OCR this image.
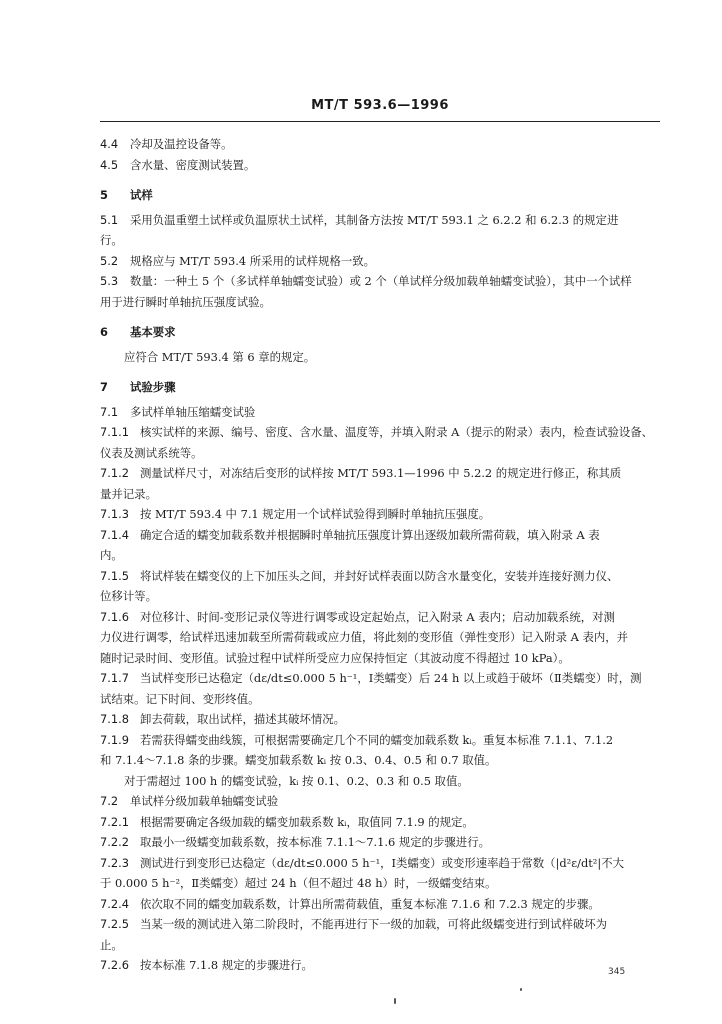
MT/T 593.6—1996
4.4 冷却及温控设备等。
4.5 含水量、密度测试装置。
5 试样
5.1 采用负温重塑土试样或负温原状土试样，其制备方法按 MT/T 593.1 之 6.2.2 和 6.2.3 的规定进
行。
5.2 规格应与 MT/T 593.4 所采用的试样规格一致。
5.3 数量：一种土 5 个（多试样单轴蠕变试验）或 2 个（单试样分级加载单轴蠕变试验），其中一个试样
用于进行瞬时单轴抗压强度试验。
6 基本要求
应符合 MT/T 593.4 第 6 章的规定。
7 试验步骤
7.1 多试样单轴压缩蠕变试验
7.1.1 核实试样的来源、编号、密度、含水量、温度等，并填入附录 A（提示的附录）表内，检查试验设备、
仪表及测试系统等。
7.1.2 测量试样尺寸，对冻结后变形的试样按 MT/T 593.1—1996 中 5.2.2 的规定进行修正，称其质
量并记录。
7.1.3 按 MT/T 593.4 中 7.1 规定用一个试样试验得到瞬时单轴抗压强度。
7.1.4 确定合适的蠕变加载系数并根据瞬时单轴抗压强度计算出逐级加载所需荷载，填入附录 A 表
内。
7.1.5 将试样装在蠕变仪的上下加压头之间，并封好试样表面以防含水量变化，安装并连接好测力仪、
位移计等。
7.1.6 对位移计、时间-变形记录仪等进行调零或设定起始点，记入附录 A 表内；启动加载系统，对测
力仪进行调零，给试样迅速加载至所需荷载或应力值，将此刻的变形值（弹性变形）记入附录 A 表内，并
随时记录时间、变形值。试验过程中试样所受应力应保持恒定（其波动度不得超过 10 kPa）。
7.1.7 当试样变形已达稳定（dε/dt≤0.000 5 h⁻¹，Ⅰ类蠕变）后 24 h 以上或趋于破坏（Ⅱ类蠕变）时，测
试结束。记下时间、变形终值。
7.1.8 卸去荷载，取出试样，描述其破坏情况。
7.1.9 若需获得蠕变曲线簇，可根据需要确定几个不同的蠕变加载系数 kᵢ。重复本标准 7.1.1、7.1.2
和 7.1.4～7.1.8 条的步骤。蠕变加载系数 kᵢ 按 0.3、0.4、0.5 和 0.7 取值。
对于需超过 100 h 的蠕变试验，kᵢ 按 0.1、0.2、0.3 和 0.5 取值。
7.2 单试样分级加载单轴蠕变试验
7.2.1 根据需要确定各级加载的蠕变加载系数 kᵢ，取值同 7.1.9 的规定。
7.2.2 取最小一级蠕变加载系数，按本标准 7.1.1～7.1.6 规定的步骤进行。
7.2.3 测试进行到变形已达稳定（dε/dt≤0.000 5 h⁻¹，Ⅰ类蠕变）或变形速率趋于常数（|d²ε/dt²|不大
于 0.000 5 h⁻²，Ⅱ类蠕变）超过 24 h（但不超过 48 h）时，一级蠕变结束。
7.2.4 依次取不同的蠕变加载系数，计算出所需荷载值，重复本标准 7.1.6 和 7.2.3 规定的步骤。
7.2.5 当某一级的测试进入第二阶段时，不能再进行下一级的加载，可将此级蠕变进行到试样破坏为
止。
7.2.6 按本标准 7.1.8 规定的步骤进行。	345
